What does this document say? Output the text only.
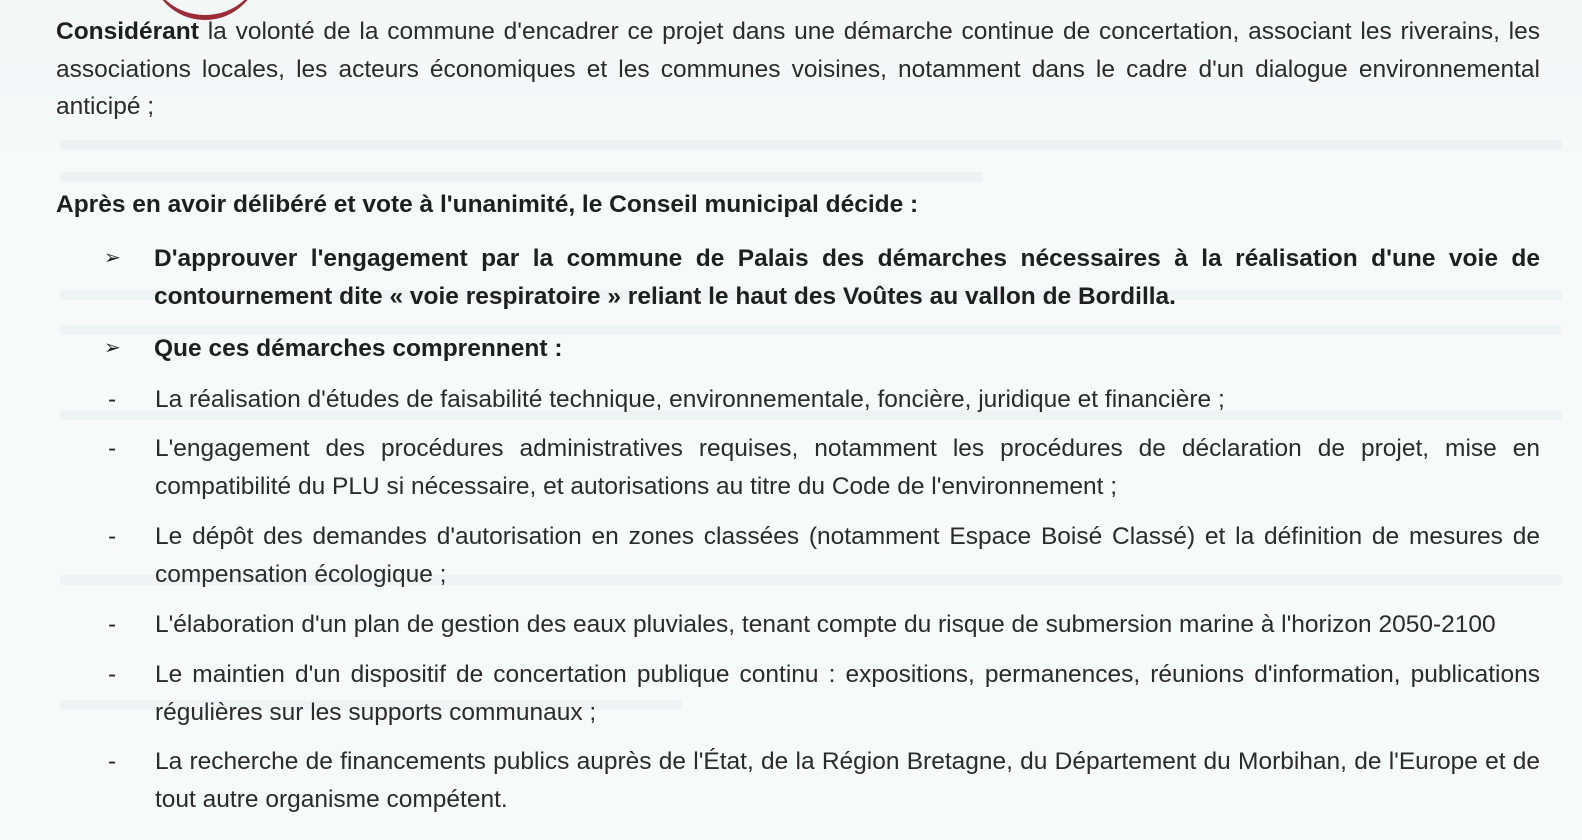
Considérant la volonté de la commune d'encadrer ce projet dans une démarche continue de concertation, associant les riverains, les associations locales, les acteurs économiques et les communes voisines, notamment dans le cadre d'un dialogue environnemental anticipé ;

Après en avoir délibéré et vote à l'unanimité, le Conseil municipal décide :
➢ D'approuver l'engagement par la commune de Palais des démarches nécessaires à la réalisation d'une voie de contournement dite « voie respiratoire » reliant le haut des Voûtes au vallon de Bordilla.
➢ Que ces démarches comprennent :
- La réalisation d'études de faisabilité technique, environnementale, foncière, juridique et financière ;
- L'engagement des procédures administratives requises, notamment les procédures de déclaration de projet, mise en compatibilité du PLU si nécessaire, et autorisations au titre du Code de l'environnement ;
- Le dépôt des demandes d'autorisation en zones classées (notamment Espace Boisé Classé) et la définition de mesures de compensation écologique ;
- L'élaboration d'un plan de gestion des eaux pluviales, tenant compte du risque de submersion marine à l'horizon 2050-2100
- Le maintien d'un dispositif de concertation publique continu : expositions, permanences, réunions d'information, publications régulières sur les supports communaux ;
- La recherche de financements publics auprès de l'État, de la Région Bretagne, du Département du Morbihan, de l'Europe et de tout autre organisme compétent.
